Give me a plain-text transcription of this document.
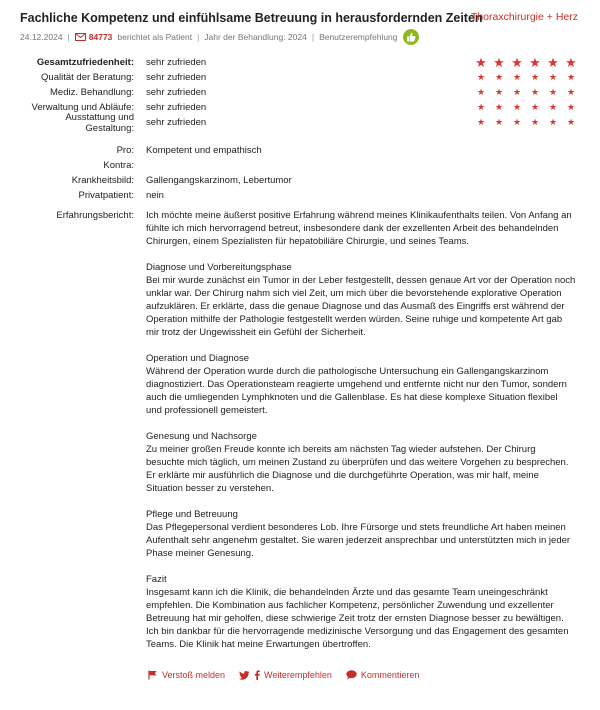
Fachliche Kompetenz und einfühlsame Betreuung in herausfordernden Zeiten
Thoraxchirurgie + Herz
24.12.2024 | 84773 berichtet als Patient | Jahr der Behandlung: 2024 | Benutzerempfehlung
Gesamtzufriedenheit: sehr zufrieden	★ ★ ★ ★ ★ ★
Qualität der Beratung: sehr zufrieden	★	★	★	★	★	★
Mediz. Behandlung: sehr zufrieden	★	★	★	★	★	★
Verwaltung und Abläufe: sehr zufrieden	★	★	★	★	★	★
Ausstattung und Gestaltung: sehr zufrieden	★	★	★	★	★	★
Pro: Kompetent und empathisch
Kontra:
Krankheitsbild: Gallengangskarzinom, Lebertumor
Privatpatient: nein
Erfahrungsbericht: Ich möchte meine äußerst positive Erfahrung während meines Klinikaufenthalts teilen. Von Anfang an fühlte ich mich hervorragend betreut, insbesondere dank der exzellenten Arbeit des behandelnden Chirurgen, einem Spezialisten für hepatobiliäre Chirurgie, und seines Teams.

Diagnose und Vorbereitungsphase
Bei mir wurde zunächst ein Tumor in der Leber festgestellt, dessen genaue Art vor der Operation noch unklar war. Der Chirurg nahm sich viel Zeit, um mich über die bevorstehende explorative Operation aufzuklären. Er erklärte, dass die genaue Diagnose und das Ausmaß des Eingriffs erst während der Operation mithilfe der Pathologie festgestellt werden würden. Seine ruhige und kompetente Art gab mir trotz der Ungewissheit ein Gefühl der Sicherheit.

Operation und Diagnose
Während der Operation wurde durch die pathologische Untersuchung ein Gallengangskarzinom diagnostiziert. Das Operationsteam reagierte umgehend und entfernte nicht nur den Tumor, sondern auch die umliegenden Lymphknoten und die Gallenblase. Es hat diese komplexe Situation flexibel und professionell gemeistert.

Genesung und Nachsorge
Zu meiner großen Freude konnte ich bereits am nächsten Tag wieder aufstehen. Der Chirurg besuchte mich täglich, um meinen Zustand zu überprüfen und das weitere Vorgehen zu besprechen. Er erklärte mir ausführlich die Diagnose und die durchgeführte Operation, was mir half, meine Situation besser zu verstehen.

Pflege und Betreuung
Das Pflegepersonal verdient besonderes Lob. Ihre Fürsorge und stets freundliche Art haben meinen Aufenthalt sehr angenehm gestaltet. Sie waren jederzeit ansprechbar und unterstützten mich in jeder Phase meiner Genesung.

Fazit
Insgesamt kann ich die Klinik, die behandelnden Ärzte und das gesamte Team uneingeschränkt empfehlen. Die Kombination aus fachlicher Kompetenz, persönlicher Zuwendung und exzellenter Betreuung hat mir geholfen, diese schwierige Zeit trotz der ernsten Diagnose besser zu bewältigen. Ich bin dankbar für die hervorragende medizinische Versorgung und das Engagement des gesamten Teams. Die Klinik hat meine Erwartungen übertroffen.

Verstoß melden	Weiterempfehlen	Kommentieren
